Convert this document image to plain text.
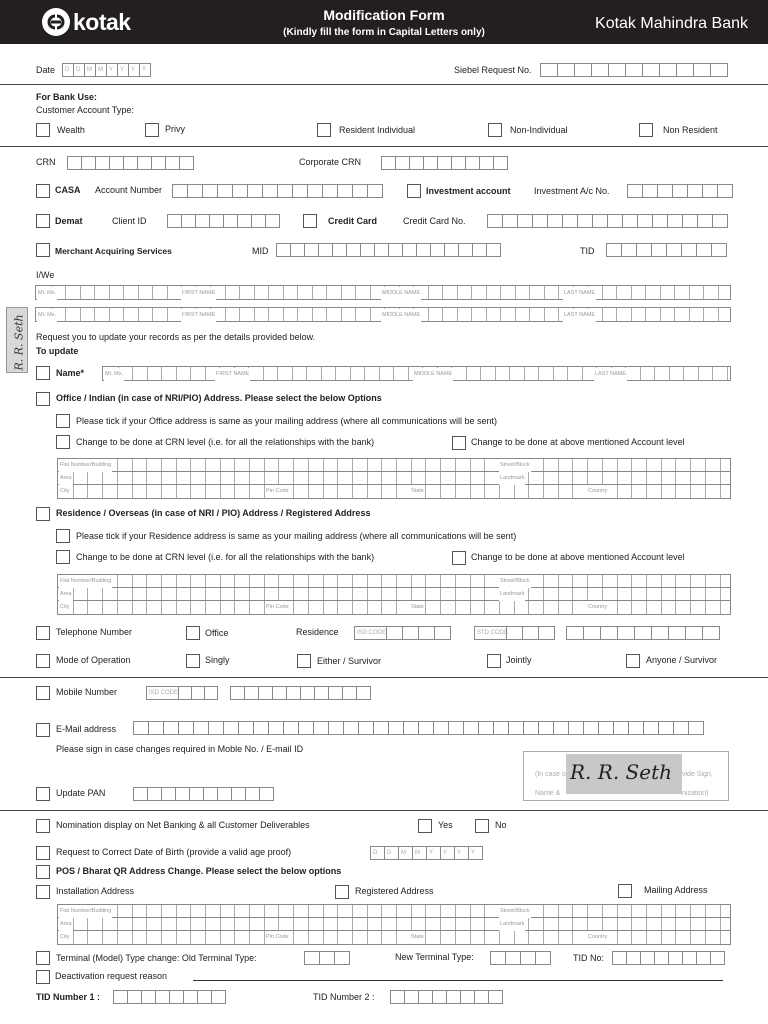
kotak	Modification Form
(Kindly fill the form in Capital Letters only)
Kotak Mahindra Bank
Date	D	D	M	M	Y	Y	Y	Y	Siebel Request No.
For Bank Use:
Customer Account Type:
Wealth	Privy	Resident Individual	Non-Individual	Non Resident
CRN	Corporate CRN
CASA Account Number	Investment account	Investment A/c No.
Demat	Client ID	Credit Card	Credit Card No.
Merchant Acquiring Services	MID	TID
I/We
Mr. Ms.	FIRST NAME	MIDDLE NAME	LAST NAME
Mr. Ms.	FIRST NAME	MIDDLE NAME	LAST NAME
R. R. Seth Request you to update your records as per the details provided below.
To update
Name*	Mr. Ms.	FIRST NAME	MIDDLE NAME	LAST NAME
Office / Indian (in case of NRI/PIO) Address. Please select the below Options
Please tick if your Office address is same as your mailing address (where all communications will be sent)
Change to be done at CRN level (i.e. for all the relationships with the bank)	Change to be done at above mentioned Account level
Flat Number/Building	Street/Block
Area	Landmark
City	Pin Code	State	Country
Residence / Overseas (in case of NRI / PIO) Address / Registered Address
Please tick if your Residence address is same as your mailing address (where all communications will be sent)
Change to be done at CRN level (i.e. for all the relationships with the bank)	Change to be done at above mentioned Account level
Flat Number/Building	Street/Block
Area	Landmark
City	Pin Code	State	Country
Telephone Number	Office	Residence	ISD CODE	STD CODE
Mode of Operation	Singly	Either / Survivor	Jointly	Anyone / Survivor
Mobile Number	ISD CODE
E-Mail address
Please sign in case changes required in Moble No. / E-mail ID
(In case o	vide Sign,
Name &	nization)
R. R. Seth
Update PAN
Nomination display on Net Banking & all Customer Deliverables	Yes	No
Request to Correct Date of Birth (provide a valid age proof)	D	D	M	M	Y	Y	Y	Y
POS / Bharat QR Address Change. Please select the below options
Installation Address	Registered Address	Mailing Address
Flat Number/Building	Street/Block
Area	Landmark
City	Pin Code	State	Country
Terminal (Model) Type change: Old Terminal Type:	New Terminal Type:	TID No:
Deactivation request reason
TID Number 1 :	TID Number 2 :
